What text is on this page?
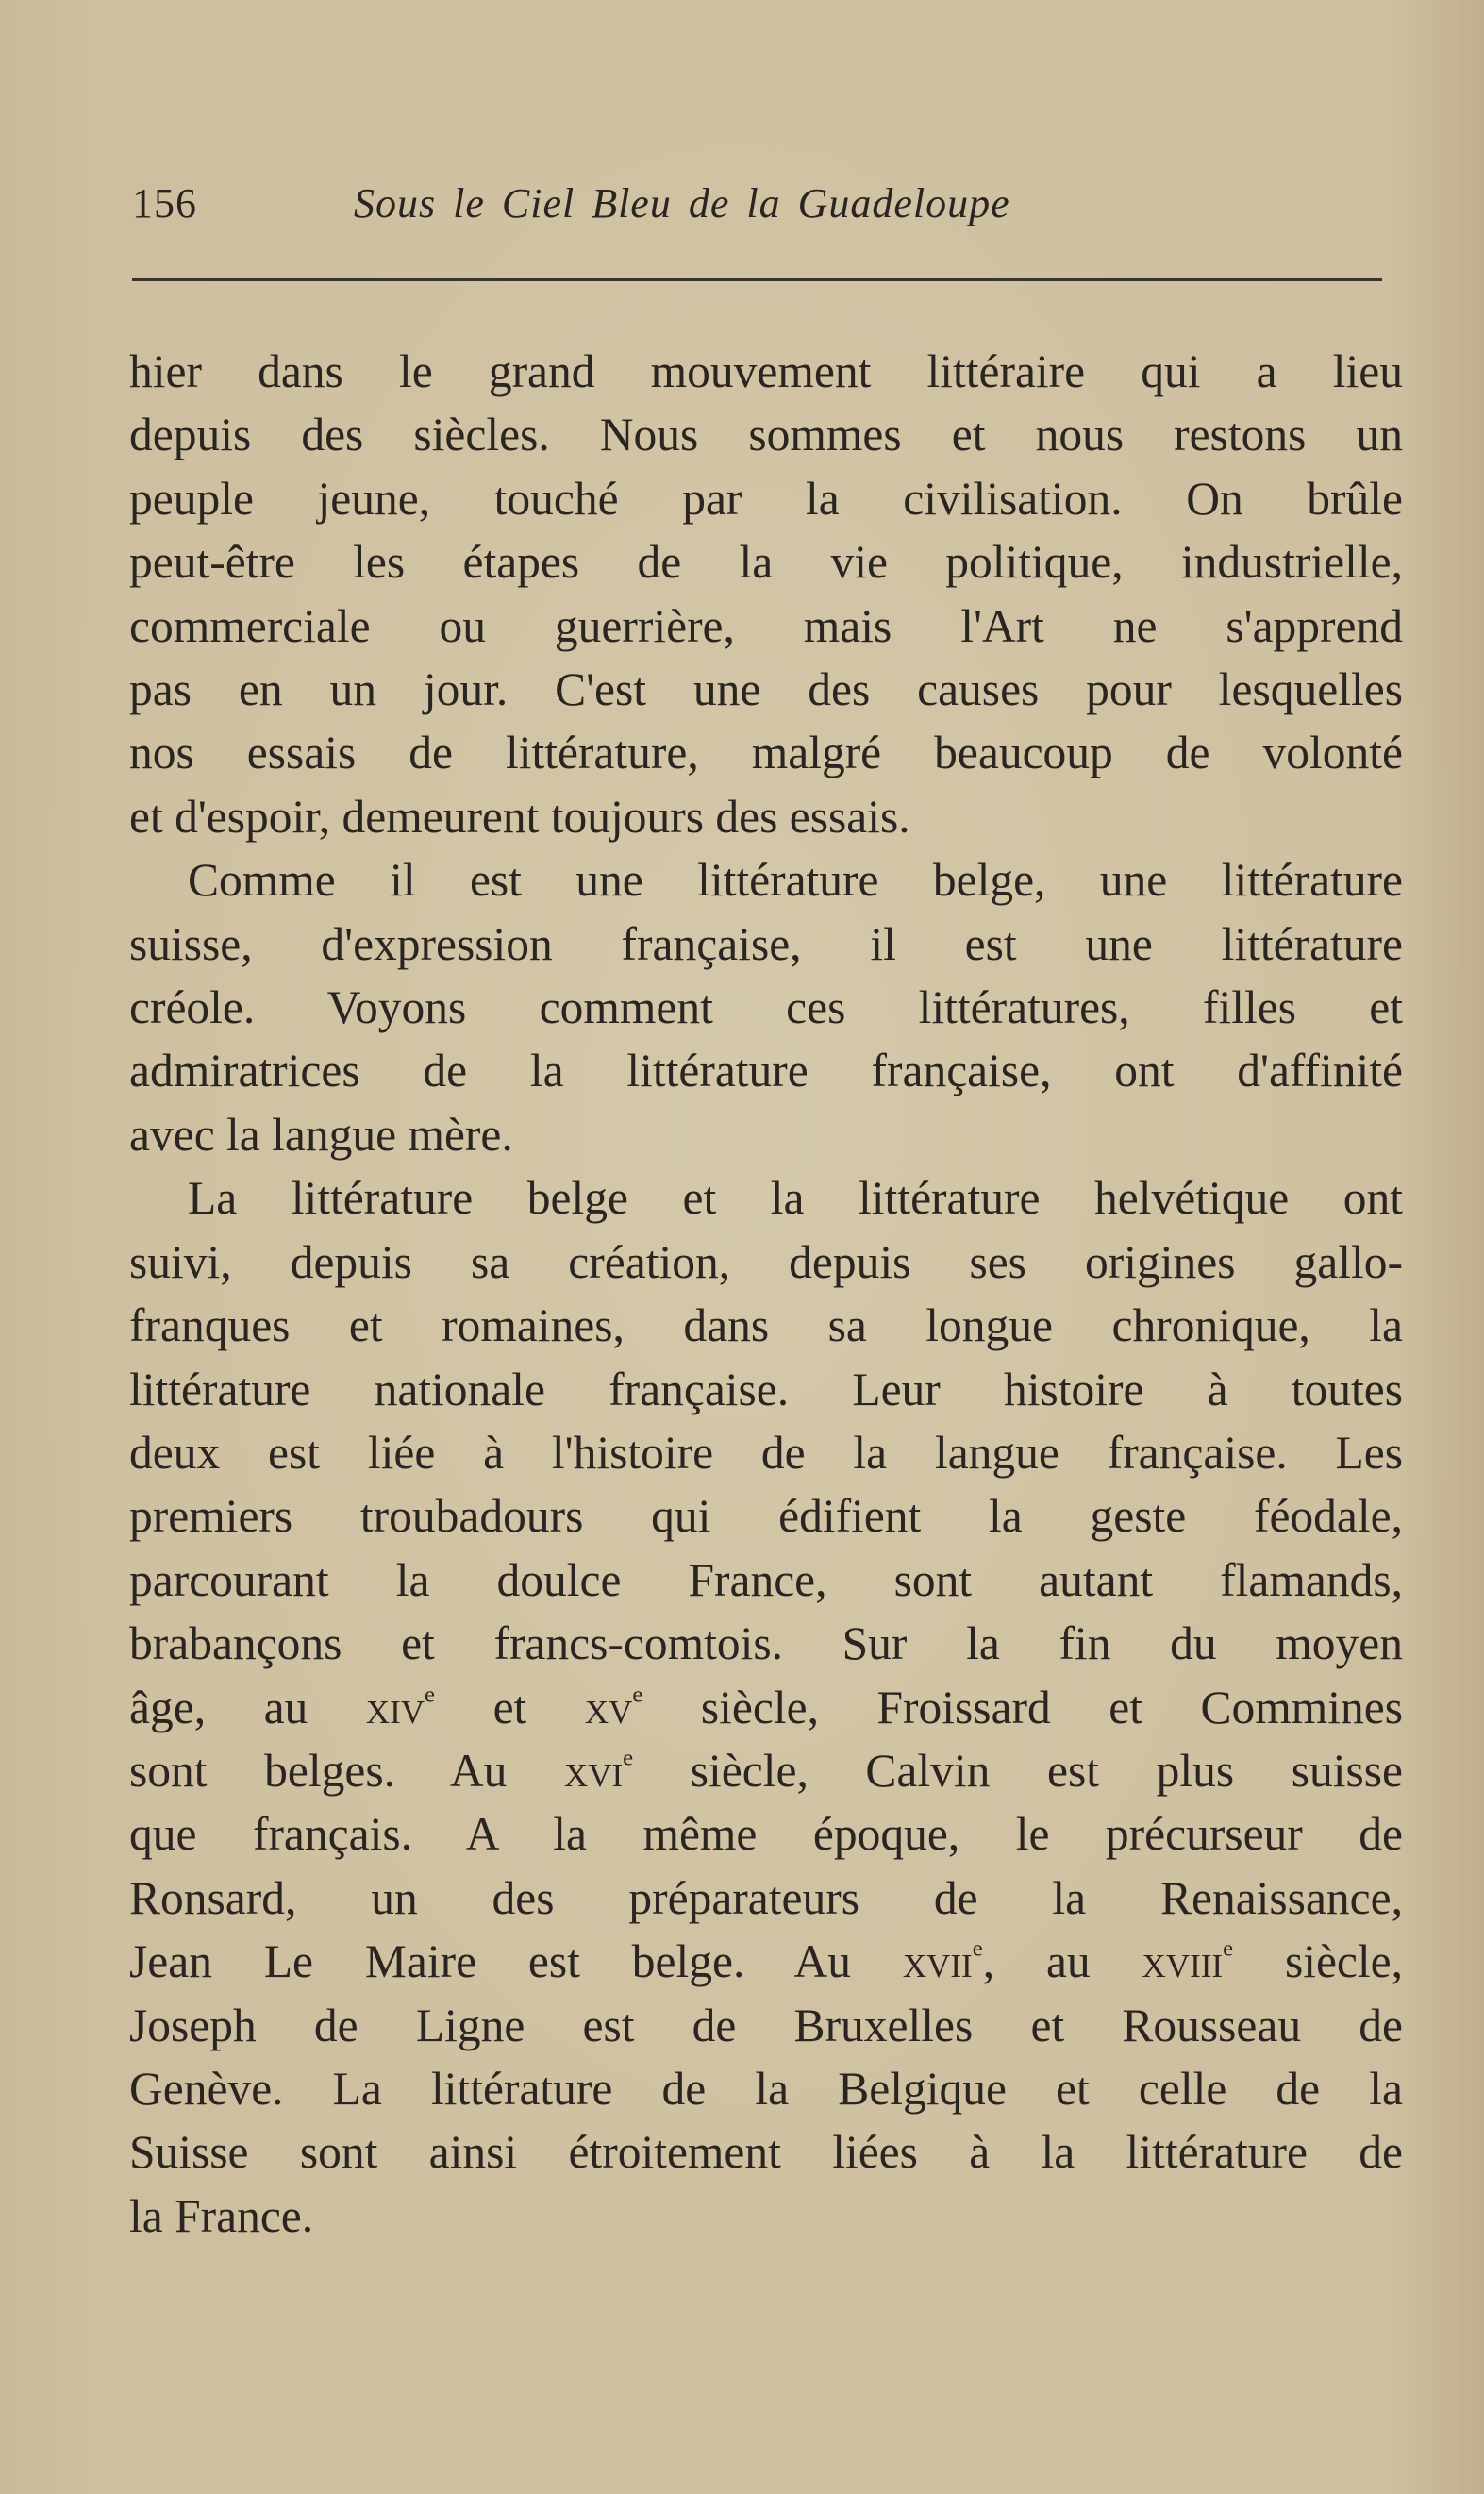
156	Sous le Ciel Bleu de la Guadeloupe
hier dans le grand mouvement littéraire qui a lieu
depuis des siècles. Nous sommes et nous restons un
peuple jeune, touché par la civilisation. On brûle
peut-être les étapes de la vie politique, industrielle,
commerciale ou guerrière, mais l'Art ne s'apprend
pas en un jour. C'est une des causes pour lesquelles
nos essais de littérature, malgré beaucoup de volonté
et d'espoir, demeurent toujours des essais.
Comme il est une littérature belge, une littérature
suisse, d'expression française, il est une littérature
créole. Voyons comment ces littératures, filles et
admiratrices de la littérature française, ont d'affinité
avec la langue mère.
La littérature belge et la littérature helvétique ont
suivi, depuis sa création, depuis ses origines gallo-
franques et romaines, dans sa longue chronique, la
littérature nationale française. Leur histoire à toutes
deux est liée à l'histoire de la langue française. Les
premiers troubadours qui édifient la geste féodale,
parcourant la doulce France, sont autant flamands,
brabançons et francs-comtois. Sur la fin du moyen
âge, au xiv$^e$ et $xv^e$ siècle, Froissard et Commines
sont belges. Au xvi$^e$ siècle, Calvin est plus suisse
que français. A la même époque, le précurseur de
Ronsard, un des préparateurs de la Renaissance,
Jean Le Maire est belge. Au xvii$^e$, au xviii$^e$ siècle,
Joseph de Ligne est de Bruxelles et Rousseau de
Genève. La littérature de la Belgique et celle de la
Suisse sont ainsi étroitement liées à la littérature de
la France.
